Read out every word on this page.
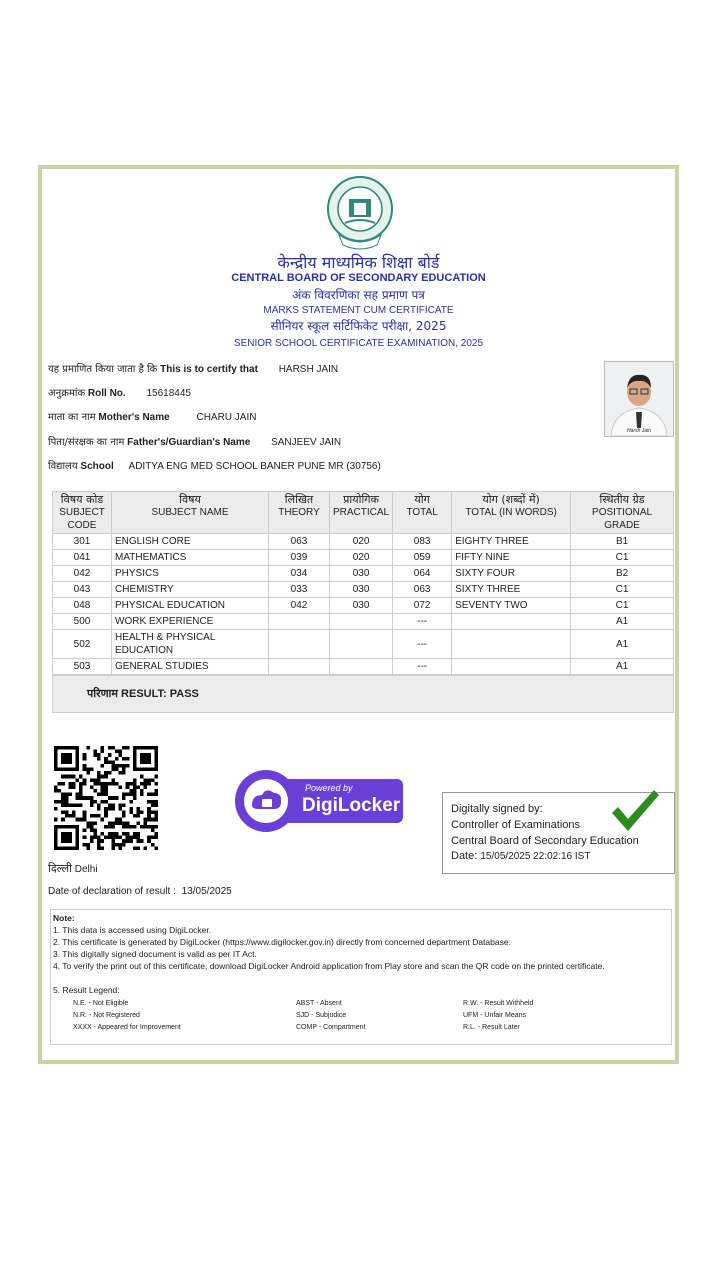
केन्द्रीय माध्यमिक शिक्षा बोर्ड
CENTRAL BOARD OF SECONDARY EDUCATION
अंक विवरणिका सह प्रमाण पत्र
MARKS STATEMENT CUM CERTIFICATE
सीनियर स्कूल सर्टिफिकेट परीक्षा, 2025
SENIOR SCHOOL CERTIFICATE EXAMINATION, 2025
यह प्रमाणित किया जाता है कि This is to certify that HARSH JAIN
अनुक्रमांक Roll No. 15618445
माता का नाम Mother's Name	CHARU JAIN
पिता/संरक्षक का नाम Father's/Guardian's Name SANJEEV JAIN
विद्यालय School ADITYA ENG MED SCHOOL BANER PUNE MR (30756)
Harsh Jain
विषय कोड
SUBJECT
CODE	विषय
SUBJECT NAME	लिखित
THEORY	प्रायोगिक
PRACTICAL	योग
TOTAL	योग (शब्दों में)
TOTAL (IN WORDS)	स्थितीय ग्रेड
POSITIONAL
GRADE
301	ENGLISH CORE	063	020	083	EIGHTY THREE	B1
041	MATHEMATICS	039	020	059	FIFTY NINE	C1
042	PHYSICS	034	030	064	SIXTY FOUR	B2
043	CHEMISTRY	033	030	063	SIXTY THREE	C1
048	PHYSICAL EDUCATION	042	030	072	SEVENTY TWO	C1
500	WORK EXPERIENCE			---		A1
502	HEALTH & PHYSICAL EDUCATION			---		A1
503	GENERAL STUDIES			---		A1
परिणाम RESULT: PASS
Powered by
DigiLocker	Digitally signed by:
Controller of Examinations
Central Board of Secondary Education
Date: 15/05/2025 22:02:16 IST
दिल्ली Delhi
Date of declaration of result : 13/05/2025
Note:
1. This data is accessed using DigiLocker.
2. This certificate is generated by DigiLocker (https://www.digilocker.gov.in) directly from concerned department Database.
3. This digitally signed document is valid as per IT Act.
4. To verify the print out of this certificate, download DigiLocker Android application from Play store and scan the QR code on the printed certificate.
5. Result Legend:
N.E. - Not Eligible	ABST - Absent	R.W. - Result Withheld
N.R. - Not Registered	SJD - Subjudice	UFM - Unfair Means
XXXX - Appeared for Improvement	COMP - Compartment	R.L. - Result Later
